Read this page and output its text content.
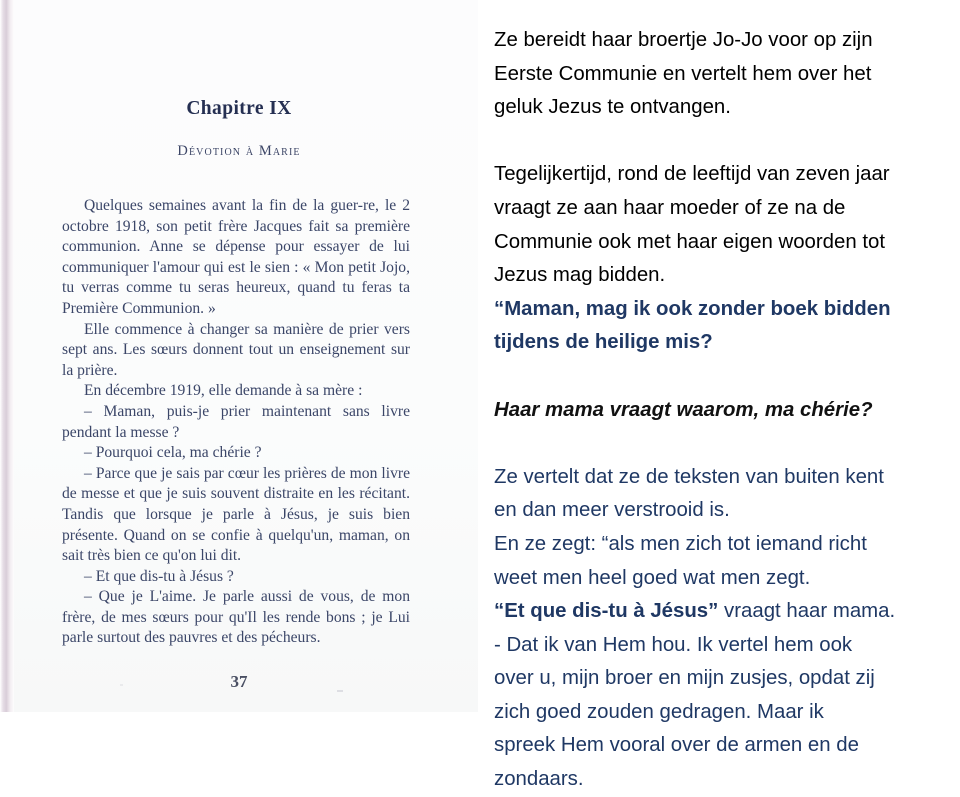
Chapitre IX
Dévotion à Marie

Quelques semaines avant la fin de la guer-re, le 2 octobre 1918, son petit frère Jacques fait sa première communion. Anne se dépense pour essayer de lui communiquer l'amour qui est le sien : « Mon petit Jojo, tu verras comme tu seras heureux, quand tu feras ta Première Communion. »

Elle commence à changer sa manière de prier vers sept ans. Les sœurs donnent tout un enseignement sur la prière.

En décembre 1919, elle demande à sa mère :

– Maman, puis-je prier maintenant sans livre pendant la messe ?

– Pourquoi cela, ma chérie ?

– Parce que je sais par cœur les prières de mon livre de messe et que je suis souvent distraite en les récitant. Tandis que lorsque je parle à Jésus, je suis bien présente. Quand on se confie à quelqu'un, maman, on sait très bien ce qu'on lui dit.

– Et que dis-tu à Jésus ?

– Que je L'aime. Je parle aussi de vous, de mon frère, de mes sœurs pour qu'Il les rende bons ; je Lui parle surtout des pauvres et des pécheurs.

37

Ze bereidt haar broertje Jo-Jo voor op zijn

Eerste Communie en vertelt hem over het

geluk Jezus te ontvangen.

Tegelijkertijd, rond de leeftijd van zeven jaar

vraagt ze aan haar moeder of ze na de

Communie ook met haar eigen woorden tot

Jezus mag bidden.

“Maman, mag ik ook zonder boek bidden

tijdens de heilige mis?

Haar mama vraagt waarom, ma chérie?

Ze vertelt dat ze de teksten van buiten kent

en dan meer verstrooid is.

En ze zegt: “als men zich tot iemand richt

weet men heel goed wat men zegt.

“Et que dis-tu à Jésus” vraagt haar mama.

- Dat ik van Hem hou. Ik vertel hem ook

over u, mijn broer en mijn zusjes, opdat zij

zich goed zouden gedragen. Maar ik

spreek Hem vooral over de armen en de

zondaars.
